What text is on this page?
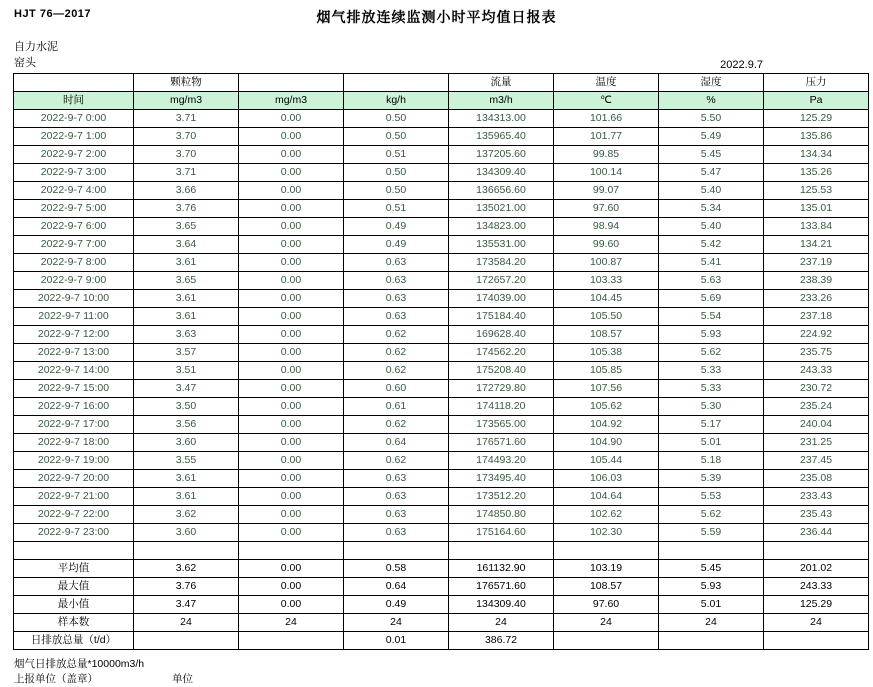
HJT 76—2017	烟气排放连续监测小时平均值日报表
自力水泥
窑头	2022.9.7
	颗粒物			流量	温度	湿度	压力
时间	mg/m3	mg/m3	kg/h	m3/h	℃	%	Pa
2022-9-7 0:00	3.71	0.00	0.50	134313.00	101.66	5.50	125.29
2022-9-7 1:00	3.70	0.00	0.50	135965.40	101.77	5.49	135.86
2022-9-7 2:00	3.70	0.00	0.51	137205.60	99.85	5.45	134.34
2022-9-7 3:00	3.71	0.00	0.50	134309.40	100.14	5.47	135.26
2022-9-7 4:00	3.66	0.00	0.50	136656.60	99.07	5.40	125.53
2022-9-7 5:00	3.76	0.00	0.51	135021.00	97.60	5.34	135.01
2022-9-7 6:00	3.65	0.00	0.49	134823.00	98.94	5.40	133.84
2022-9-7 7:00	3.64	0.00	0.49	135531.00	99.60	5.42	134.21
2022-9-7 8:00	3.61	0.00	0.63	173584.20	100.87	5.41	237.19
2022-9-7 9:00	3.65	0.00	0.63	172657.20	103.33	5.63	238.39
2022-9-7 10:00	3.61	0.00	0.63	174039.00	104.45	5.69	233.26
2022-9-7 11:00	3.61	0.00	0.63	175184.40	105.50	5.54	237.18
2022-9-7 12:00	3.63	0.00	0.62	169628.40	108.57	5.93	224.92
2022-9-7 13:00	3.57	0.00	0.62	174562.20	105.38	5.62	235.75
2022-9-7 14:00	3.51	0.00	0.62	175208.40	105.85	5.33	243.33
2022-9-7 15:00	3.47	0.00	0.60	172729.80	107.56	5.33	230.72
2022-9-7 16:00	3.50	0.00	0.61	174118.20	105.62	5.30	235.24
2022-9-7 17:00	3.56	0.00	0.62	173565.00	104.92	5.17	240.04
2022-9-7 18:00	3.60	0.00	0.64	176571.60	104.90	5.01	231.25
2022-9-7 19:00	3.55	0.00	0.62	174493.20	105.44	5.18	237.45
2022-9-7 20:00	3.61	0.00	0.63	173495.40	106.03	5.39	235.08
2022-9-7 21:00	3.61	0.00	0.63	173512.20	104.64	5.53	233.43
2022-9-7 22:00	3.62	0.00	0.63	174850.80	102.62	5.62	235.43
2022-9-7 23:00	3.60	0.00	0.63	175164.60	102.30	5.59	236.44

平均值	3.62	0.00	0.58	161132.90	103.19	5.45	201.02
最大值	3.76	0.00	0.64	176571.60	108.57	5.93	243.33
最小值	3.47	0.00	0.49	134309.40	97.60	5.01	125.29
样本数	24	24	24	24	24	24	24
日排放总量（t/d）			0.01	386.72			
烟气日排放总量*10000m3/h
上报单位（盖章）	单位
